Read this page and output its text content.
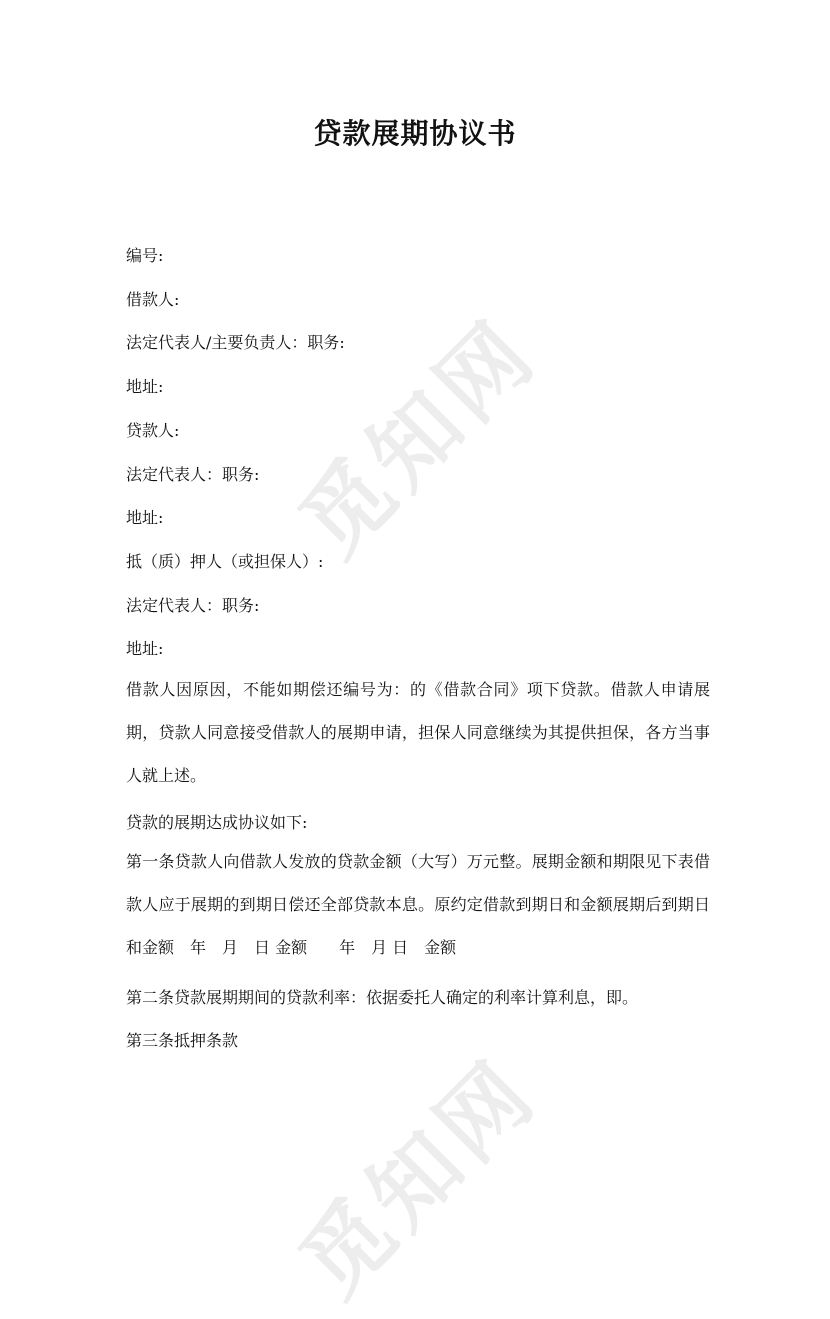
觅知网
觅知网
贷款展期协议书
编号:
借款人:
法定代表人/主要负责人：职务:
地址:
贷款人:
法定代表人：职务:
地址:
抵（质）押人（或担保人）:
法定代表人：职务:
地址:
借款人因原因，不能如期偿还编号为：的《借款合同》项下贷款。借款人申请展期，贷款人同意接受借款人的展期申请，担保人同意继续为其提供担保，各方当事人就上述。
贷款的展期达成协议如下:
第一条贷款人向借款人发放的贷款金额（大写）万元整。展期金额和期限见下表借款人应于展期的到期日偿还全部贷款本息。原约定借款到期日和金额展期后到期日和金额　年　月　日 金额　　年　月 日　金额
第二条贷款展期期间的贷款利率：依据委托人确定的利率计算利息，即。
第三条抵押条款
